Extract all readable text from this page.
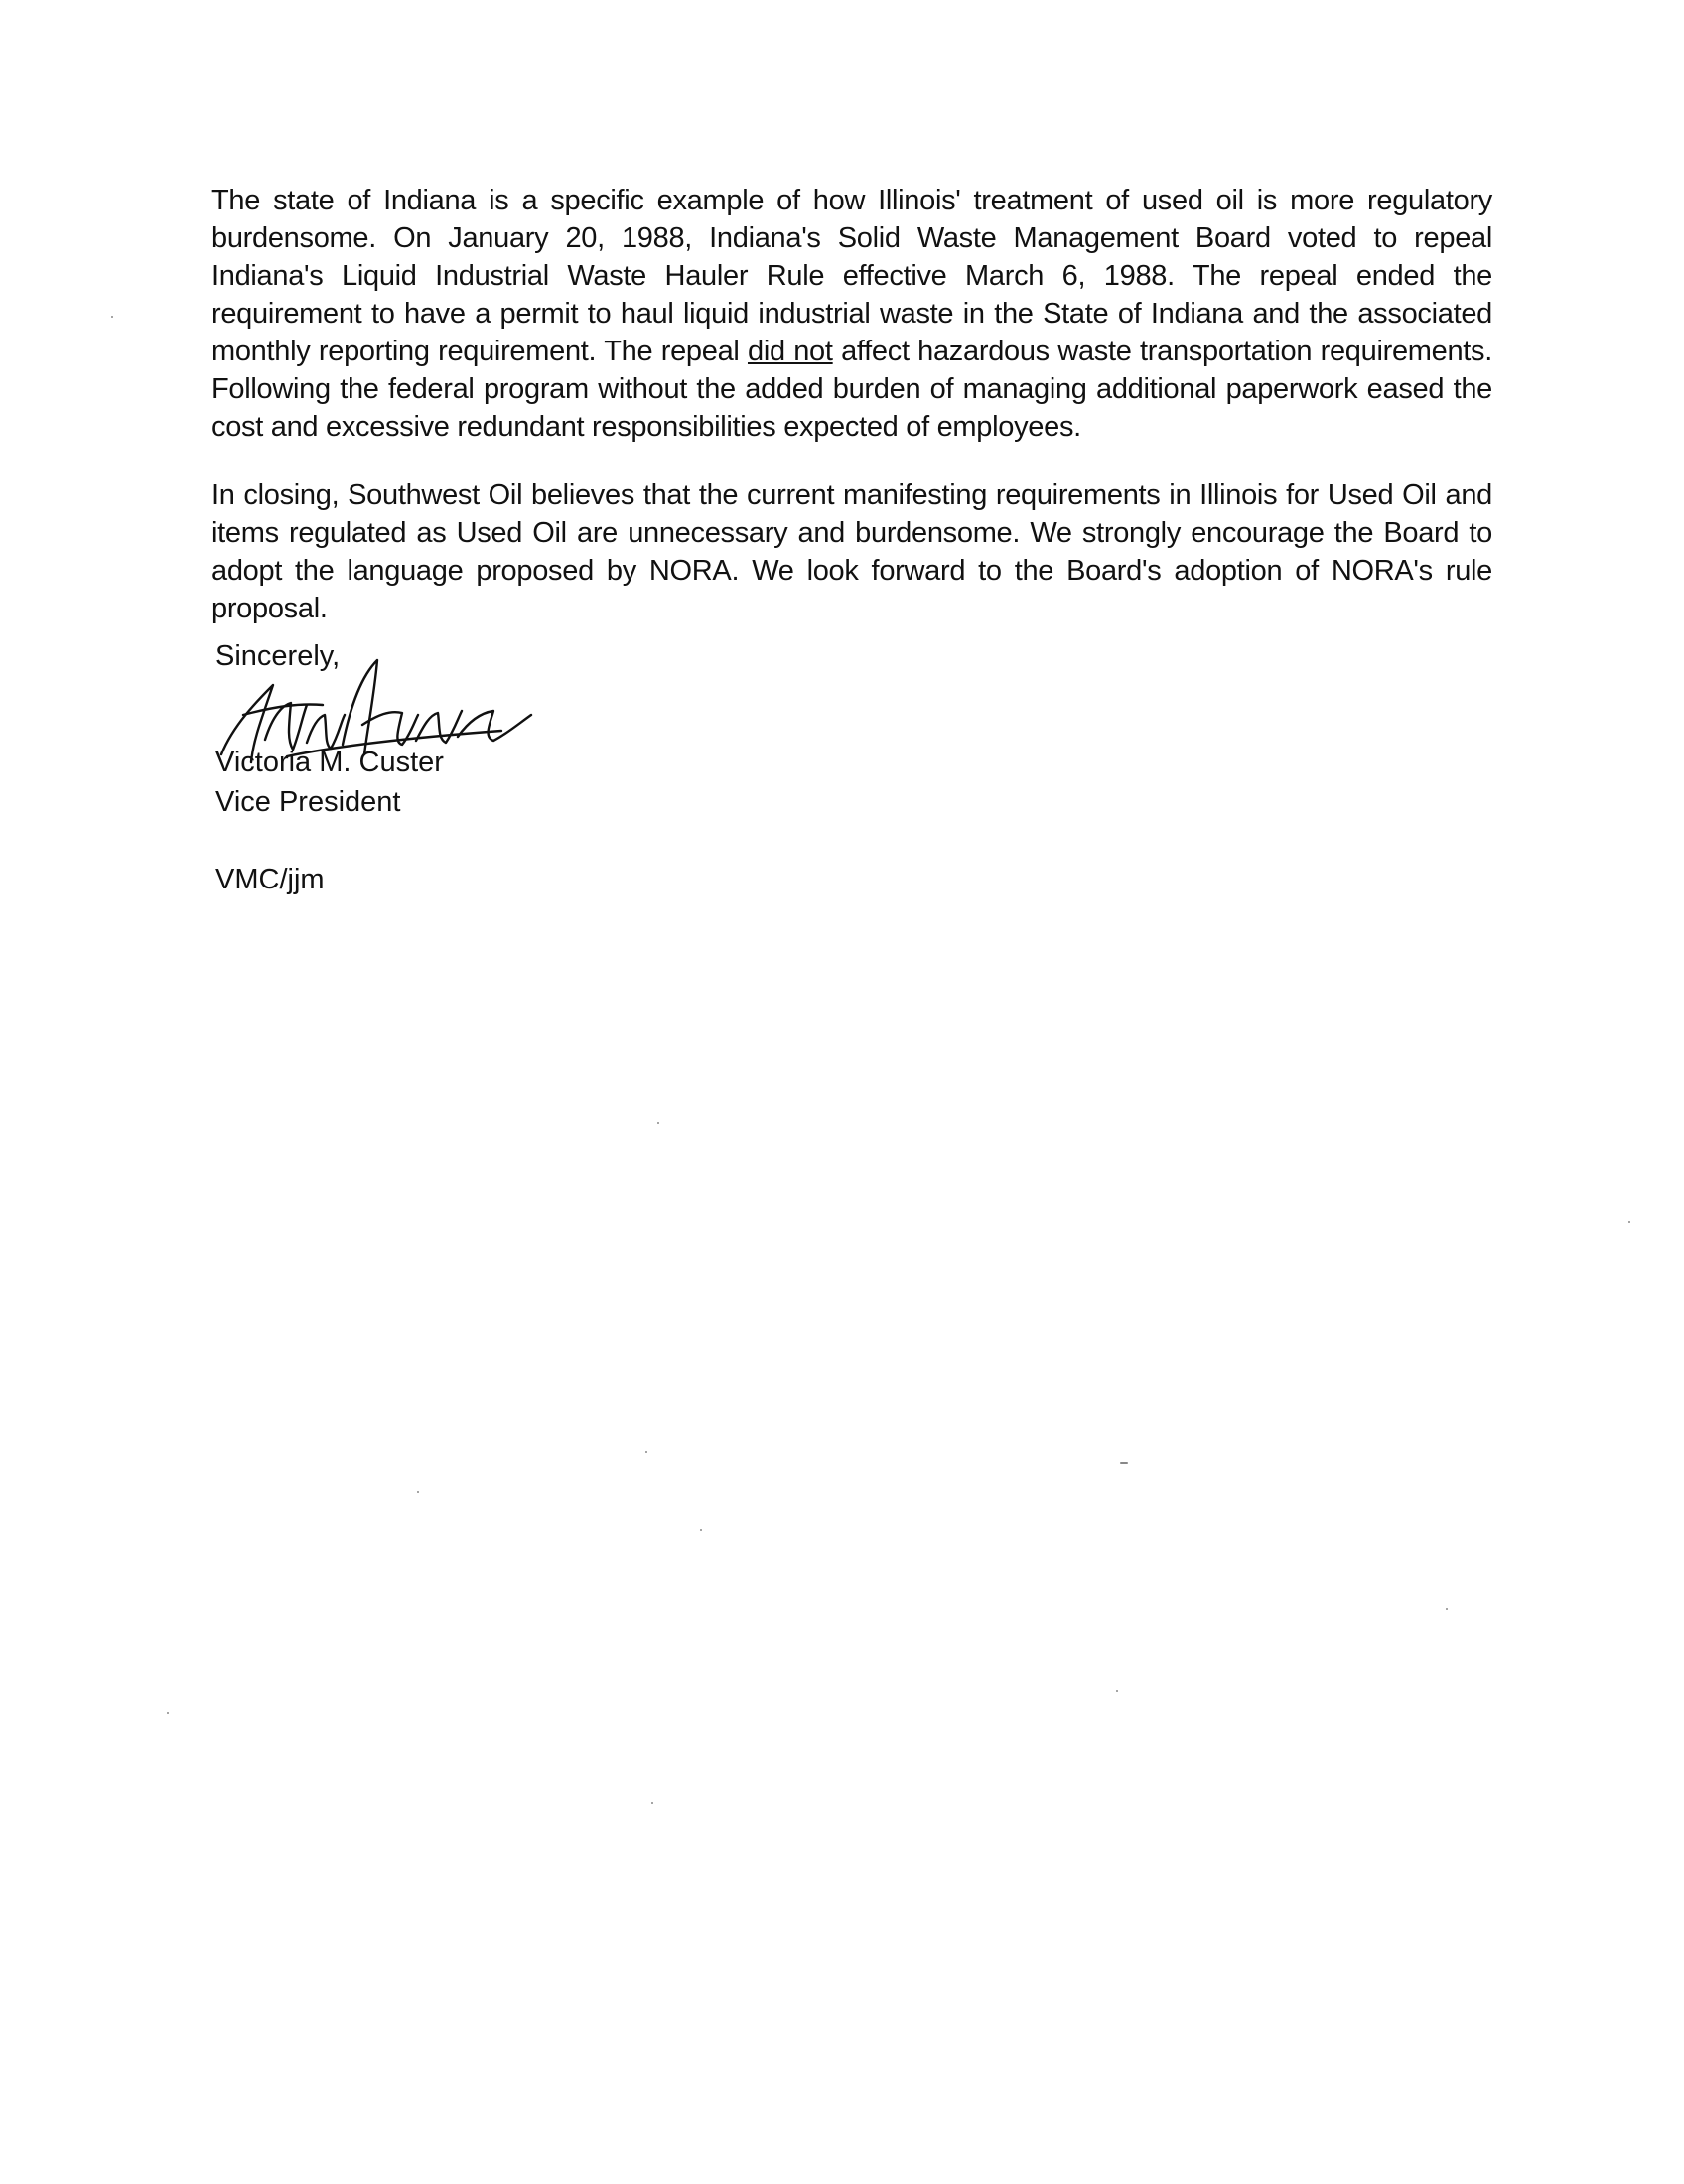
The state of Indiana is a specific example of how Illinois' treatment of used oil is more regulatory burdensome. On January 20, 1988, Indiana's Solid Waste Management Board voted to repeal Indiana's Liquid Industrial Waste Hauler Rule effective March 6, 1988. The repeal ended the requirement to have a permit to haul liquid industrial waste in the State of Indiana and the associated monthly reporting requirement. The repeal did not affect hazardous waste transportation requirements. Following the federal program without the added burden of managing additional paperwork eased the cost and excessive redundant responsibilities expected of employees.

In closing, Southwest Oil believes that the current manifesting requirements in Illinois for Used Oil and items regulated as Used Oil are unnecessary and burdensome. We strongly encourage the Board to adopt the language proposed by NORA. We look forward to the Board's adoption of NORA's rule proposal.

Sincerely,

Victoria M. Custer

Vice President

VMC/jjm
